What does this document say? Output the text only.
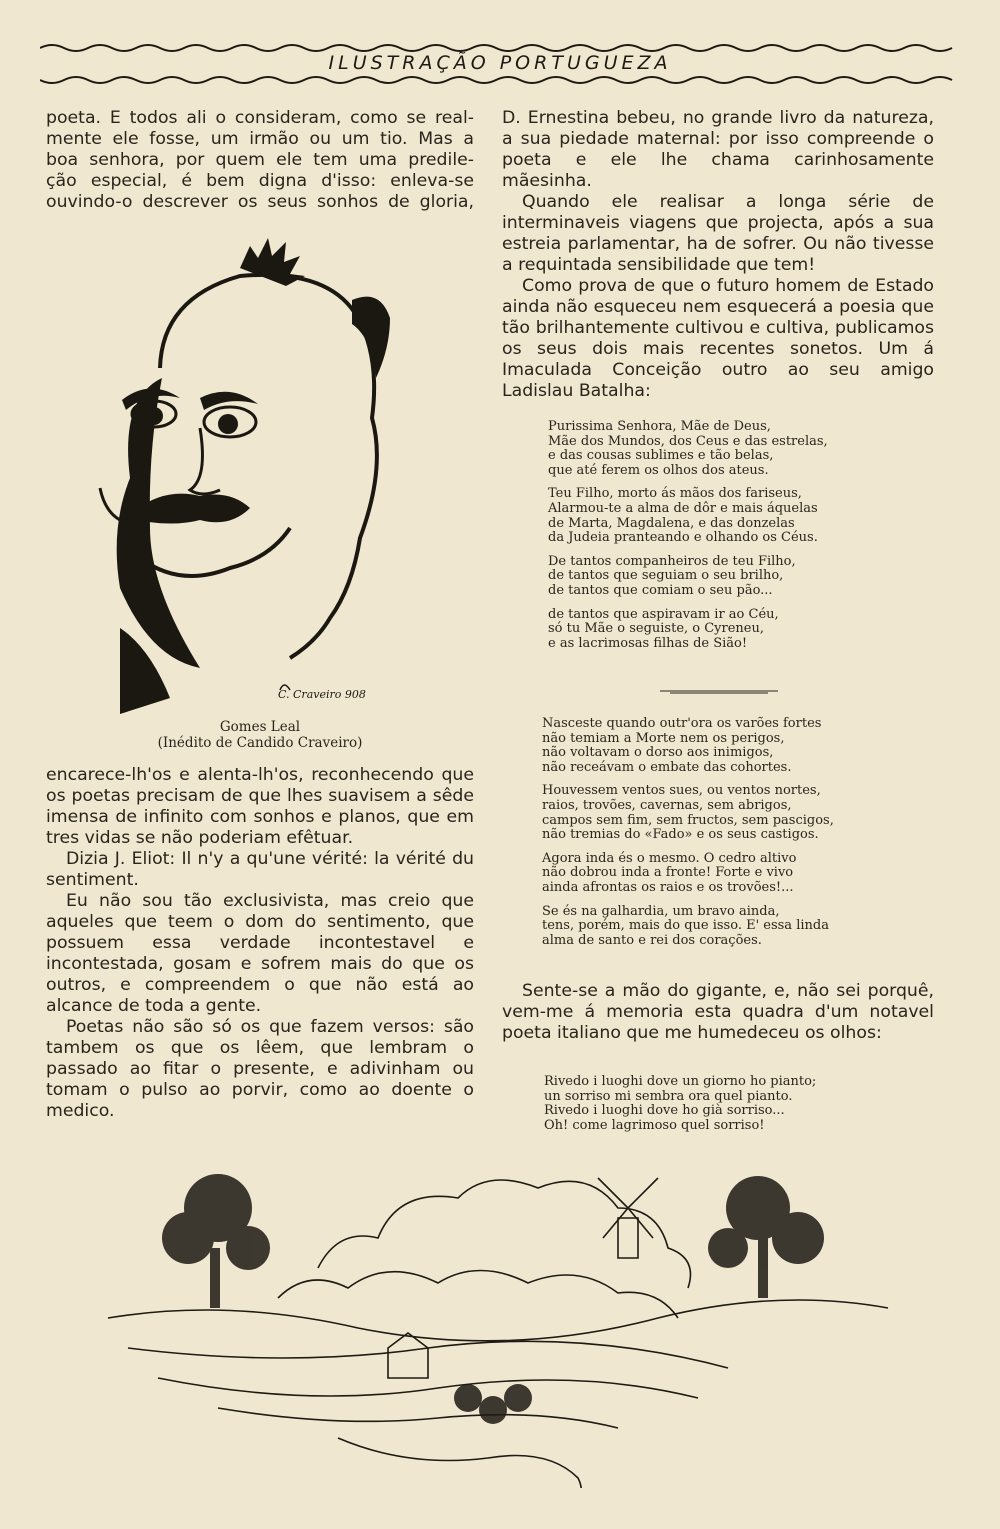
ILUSTRAÇÃO PORTUGUEZA

poeta. E todos ali o consideram, como se real-

mente ele fosse, um irmão ou um tio. Mas a

boa senhora, por quem ele tem uma predile-

ção especial, é bem digna d'isso: enleva-se

ouvindo-o descrever os seus sonhos de gloria,

C. Craveiro 908
Gomes Leal
(Inédito de Candido Craveiro)

encarece-lh'os e alenta-lh'os, reconhecendo que os poetas precisam de que lhes suavisem a sêde imensa de infinito com sonhos e planos, que em tres vidas se não poderiam efêtuar.

Dizia J. Eliot: Il n'y a qu'une vérité: la vérité du sentiment.

Eu não sou tão exclusivista, mas creio que aqueles que teem o dom do sentimento, que possuem essa verdade incontestavel e incontestada, gosam e sofrem mais do que os outros, e compreendem o que não está ao alcance de toda a gente.

Poetas não são só os que fazem versos: são tambem os que os lêem, que lembram o passado ao fitar o presente, e adivinham ou tomam o pulso ao porvir, como ao doente o medico.

D. Ernestina bebeu, no grande livro da natureza, a sua piedade maternal: por isso compreende o poeta e ele lhe chama carinhosamente mãesinha.

Quando ele realisar a longa série de interminaveis viagens que projecta, após a sua estreia parlamentar, ha de sofrer. Ou não tivesse a requintada sensibilidade que tem!

Como prova de que o futuro homem de Estado ainda não esqueceu nem esquecerá a poesia que tão brilhantemente cultivou e cultiva, publicamos os seus dois mais recentes sonetos. Um á Imaculada Conceição outro ao seu amigo Ladislau Batalha:

Purissima Senhora, Mãe de Deus,
Mãe dos Mundos, dos Ceus e das estrelas,
e das cousas sublimes e tão belas,
que até ferem os olhos dos ateus.
Teu Filho, morto ás mãos dos fariseus,
Alarmou-te a alma de dôr e mais áquelas
de Marta, Magdalena, e das donzelas
da Judeia pranteando e olhando os Céus.
De tantos companheiros de teu Filho,
de tantos que seguiam o seu brilho,
de tantos que comiam o seu pão...
de tantos que aspiravam ir ao Céu,
só tu Mãe o seguiste, o Cyreneu,
e as lacrimosas filhas de Sião!
Nasceste quando outr'ora os varões fortes
não temiam a Morte nem os perigos,
não voltavam o dorso aos inimigos,
não receávam o embate das cohortes.
Houvessem ventos sues, ou ventos nortes,
raios, trovões, cavernas, sem abrigos,
campos sem fim, sem fructos, sem pascigos,
não tremias do «Fado» e os seus castigos.
Agora inda és o mesmo. O cedro altivo
não dobrou inda a fronte! Forte e vivo
ainda afrontas os raios e os trovões!...
Se és na galhardia, um bravo ainda,
tens, porém, mais do que isso. E' essa linda
alma de santo e rei dos corações.

Sente-se a mão do gigante, e, não sei porquê, vem-me á memoria esta quadra d'um notavel poeta italiano que me humedeceu os olhos:

Rivedo i luoghi dove un giorno ho pianto;
un sorriso mi sembra ora quel pianto.
Rivedo i luoghi dove ho già sorriso...
Oh! come lagrimoso quel sorriso!
